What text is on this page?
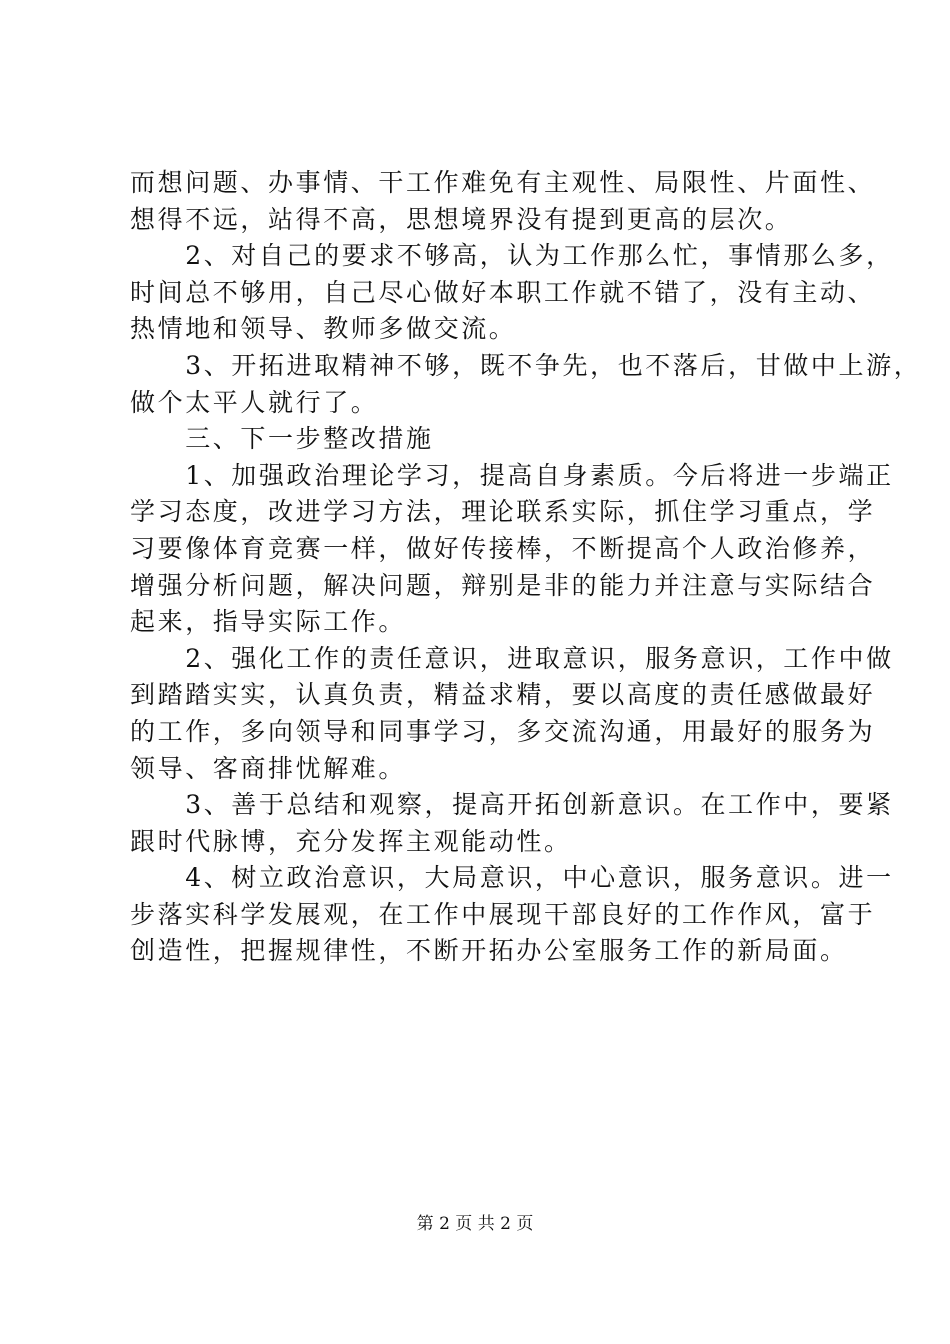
而想问题、办事情、干工作难免有主观性、局限性、片面性、
想得不远，站得不高，思想境界没有提到更高的层次。
　　2、对自己的要求不够高，认为工作那么忙，事情那么多，
时间总不够用，自己尽心做好本职工作就不错了，没有主动、
热情地和领导、教师多做交流。
　　3、开拓进取精神不够，既不争先，也不落后，甘做中上游，
做个太平人就行了。
　　三、下一步整改措施
　　1、加强政治理论学习，提高自身素质。今后将进一步端正
学习态度，改进学习方法，理论联系实际，抓住学习重点，学
习要像体育竞赛一样，做好传接棒，不断提高个人政治修养，
增强分析问题，解决问题，辩别是非的能力并注意与实际结合
起来，指导实际工作。
　　2、强化工作的责任意识，进取意识，服务意识，工作中做
到踏踏实实，认真负责，精益求精，要以高度的责任感做最好
的工作，多向领导和同事学习，多交流沟通，用最好的服务为
领导、客商排忧解难。
　　3、善于总结和观察，提高开拓创新意识。在工作中，要紧
跟时代脉博，充分发挥主观能动性。
　　4、树立政治意识，大局意识，中心意识，服务意识。进一
步落实科学发展观，在工作中展现干部良好的工作作风，富于
创造性，把握规律性，不断开拓办公室服务工作的新局面。
第 2 页 共 2 页
